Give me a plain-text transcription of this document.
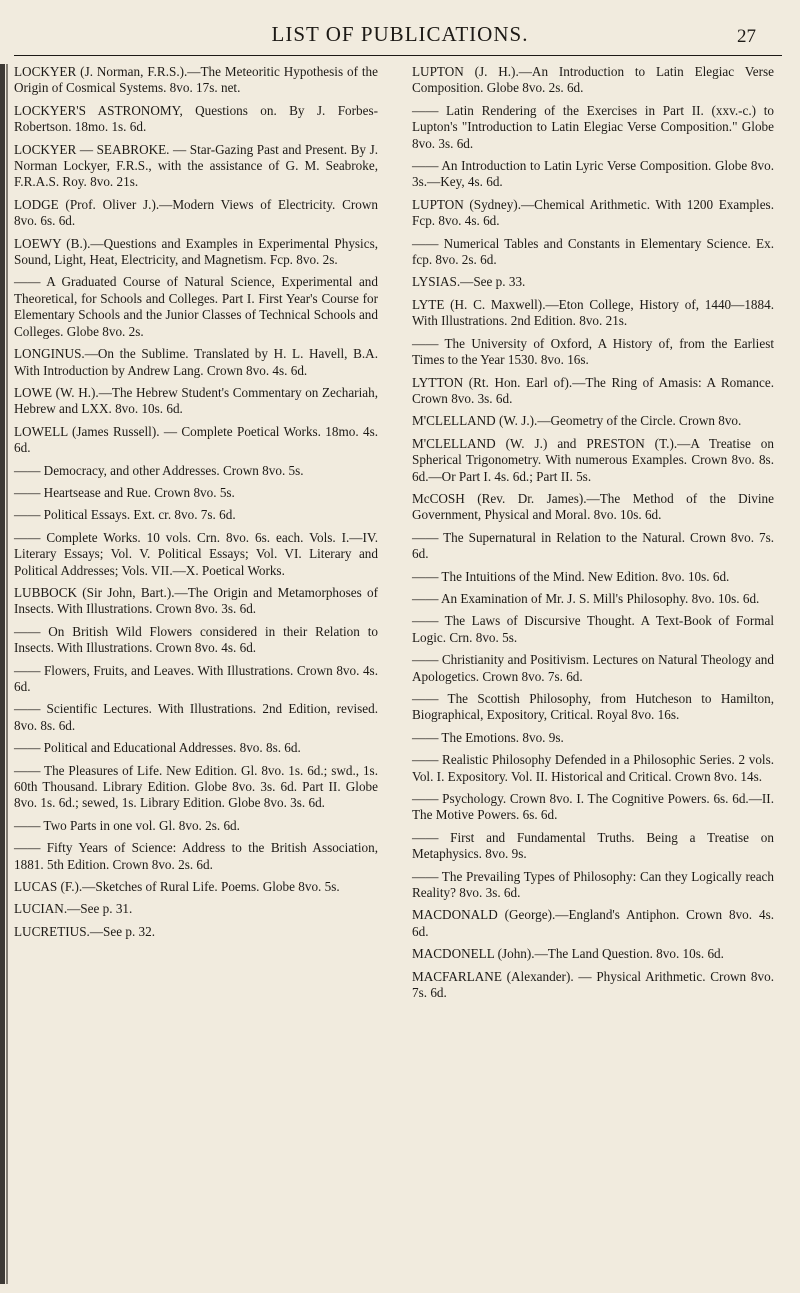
LIST OF PUBLICATIONS.	27

LOCKYER (J. Norman, F.R.S.).—The Meteoritic Hypothesis of the Origin of Cosmical Systems. 8vo. 17s. net.

LOCKYER'S ASTRONOMY, Questions on. By J. Forbes-Robertson. 18mo. 1s. 6d.

LOCKYER — SEABROKE. — Star-Gazing Past and Present. By J. Norman Lockyer, F.R.S., with the assistance of G. M. Seabroke, F.R.A.S. Roy. 8vo. 21s.

LODGE (Prof. Oliver J.).—Modern Views of Electricity. Crown 8vo. 6s. 6d.

LOEWY (B.).—Questions and Examples in Experimental Physics, Sound, Light, Heat, Electricity, and Magnetism. Fcp. 8vo. 2s.

—— A Graduated Course of Natural Science, Experimental and Theoretical, for Schools and Colleges. Part I. First Year's Course for Elementary Schools and the Junior Classes of Technical Schools and Colleges. Globe 8vo. 2s.

LONGINUS.—On the Sublime. Translated by H. L. Havell, B.A. With Introduction by Andrew Lang. Crown 8vo. 4s. 6d.

LOWE (W. H.).—The Hebrew Student's Commentary on Zechariah, Hebrew and LXX. 8vo. 10s. 6d.

LOWELL (James Russell). — Complete Poetical Works. 18mo. 4s. 6d.

—— Democracy, and other Addresses. Crown 8vo. 5s.

—— Heartsease and Rue. Crown 8vo. 5s.

—— Political Essays. Ext. cr. 8vo. 7s. 6d.

—— Complete Works. 10 vols. Crn. 8vo. 6s. each. Vols. I.—IV. Literary Essays; Vol. V. Political Essays; Vol. VI. Literary and Political Addresses; Vols. VII.—X. Poetical Works.

LUBBOCK (Sir John, Bart.).—The Origin and Metamorphoses of Insects. With Illustrations. Crown 8vo. 3s. 6d.

—— On British Wild Flowers considered in their Relation to Insects. With Illustrations. Crown 8vo. 4s. 6d.

—— Flowers, Fruits, and Leaves. With Illustrations. Crown 8vo. 4s. 6d.

—— Scientific Lectures. With Illustrations. 2nd Edition, revised. 8vo. 8s. 6d.

—— Political and Educational Addresses. 8vo. 8s. 6d.

—— The Pleasures of Life. New Edition. Gl. 8vo. 1s. 6d.; swd., 1s. 60th Thousand. Library Edition. Globe 8vo. 3s. 6d. Part II. Globe 8vo. 1s. 6d.; sewed, 1s. Library Edition. Globe 8vo. 3s. 6d.

—— Two Parts in one vol. Gl. 8vo. 2s. 6d.

—— Fifty Years of Science: Address to the British Association, 1881. 5th Edition. Crown 8vo. 2s. 6d.

LUCAS (F.).—Sketches of Rural Life. Poems. Globe 8vo. 5s.

LUCIAN.—See p. 31.

LUCRETIUS.—See p. 32.

LUPTON (J. H.).—An Introduction to Latin Elegiac Verse Composition. Globe 8vo. 2s. 6d.

—— Latin Rendering of the Exercises in Part II. (xxv.-c.) to Lupton's "Introduction to Latin Elegiac Verse Composition." Globe 8vo. 3s. 6d.

—— An Introduction to Latin Lyric Verse Composition. Globe 8vo. 3s.—Key, 4s. 6d.

LUPTON (Sydney).—Chemical Arithmetic. With 1200 Examples. Fcp. 8vo. 4s. 6d.

—— Numerical Tables and Constants in Elementary Science. Ex. fcp. 8vo. 2s. 6d.

LYSIAS.—See p. 33.

LYTE (H. C. Maxwell).—Eton College, History of, 1440—1884. With Illustrations. 2nd Edition. 8vo. 21s.

—— The University of Oxford, A History of, from the Earliest Times to the Year 1530. 8vo. 16s.

LYTTON (Rt. Hon. Earl of).—The Ring of Amasis: A Romance. Crown 8vo. 3s. 6d.

M'CLELLAND (W. J.).—Geometry of the Circle. Crown 8vo.

M'CLELLAND (W. J.) and PRESTON (T.).—A Treatise on Spherical Trigonometry. With numerous Examples. Crown 8vo. 8s. 6d.—Or Part I. 4s. 6d.; Part II. 5s.

McCOSH (Rev. Dr. James).—The Method of the Divine Government, Physical and Moral. 8vo. 10s. 6d.

—— The Supernatural in Relation to the Natural. Crown 8vo. 7s. 6d.

—— The Intuitions of the Mind. New Edition. 8vo. 10s. 6d.

—— An Examination of Mr. J. S. Mill's Philosophy. 8vo. 10s. 6d.

—— The Laws of Discursive Thought. A Text-Book of Formal Logic. Crn. 8vo. 5s.

—— Christianity and Positivism. Lectures on Natural Theology and Apologetics. Crown 8vo. 7s. 6d.

—— The Scottish Philosophy, from Hutcheson to Hamilton, Biographical, Expository, Critical. Royal 8vo. 16s.

—— The Emotions. 8vo. 9s.

—— Realistic Philosophy Defended in a Philosophic Series. 2 vols. Vol. I. Expository. Vol. II. Historical and Critical. Crown 8vo. 14s.

—— Psychology. Crown 8vo. I. The Cognitive Powers. 6s. 6d.—II. The Motive Powers. 6s. 6d.

—— First and Fundamental Truths. Being a Treatise on Metaphysics. 8vo. 9s.

—— The Prevailing Types of Philosophy: Can they Logically reach Reality? 8vo. 3s. 6d.

MACDONALD (George).—England's Antiphon. Crown 8vo. 4s. 6d.

MACDONELL (John).—The Land Question. 8vo. 10s. 6d.

MACFARLANE (Alexander). — Physical Arithmetic. Crown 8vo. 7s. 6d.
